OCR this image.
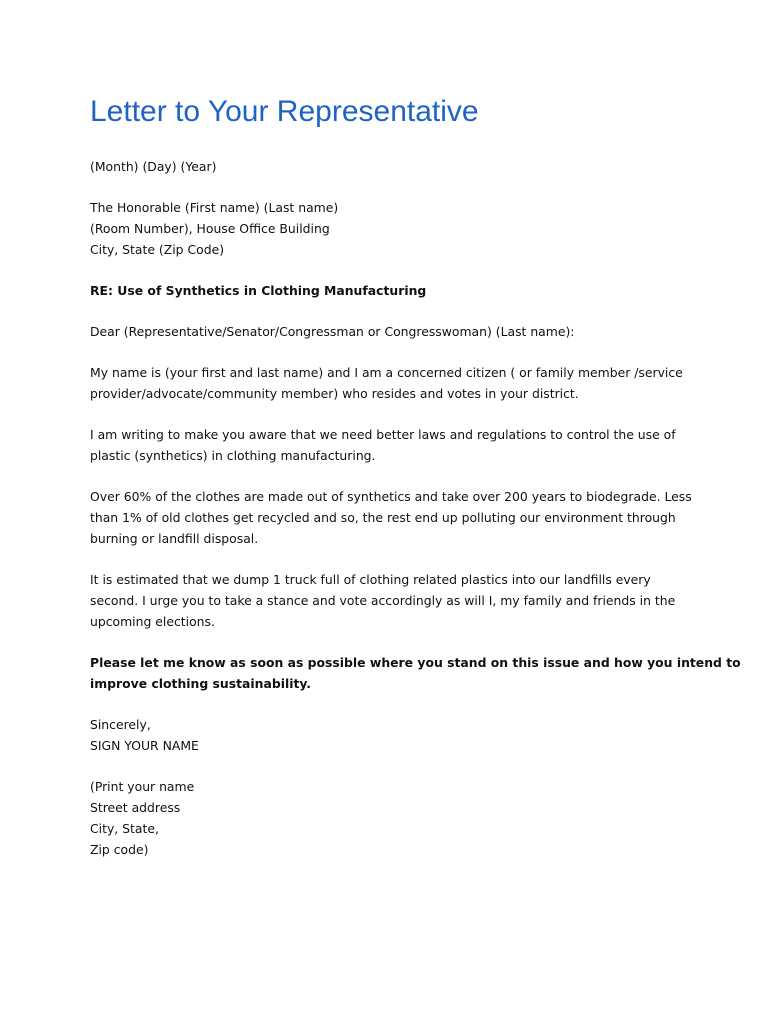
Letter to Your Representative

(Month) (Day) (Year)

The Honorable (First name) (Last name)
(Room Number), House Office Building
City, State (Zip Code)

RE: Use of Synthetics in Clothing Manufacturing

Dear (Representative/Senator/Congressman or Congresswoman) (Last name):

My name is (your first and last name) and I am a concerned citizen ( or family member /service
provider/advocate/community member) who resides and votes in your district.

I am writing to make you aware that we need better laws and regulations to control the use of
plastic (synthetics) in clothing manufacturing.

Over 60% of the clothes are made out of synthetics and take over 200 years to biodegrade. Less
than 1% of old clothes get recycled and so, the rest end up polluting our environment through
burning or landfill disposal.

It is estimated that we dump 1 truck full of clothing related plastics into our landfills every
second. I urge you to take a stance and vote accordingly as will I, my family and friends in the
upcoming elections.

Please let me know as soon as possible where you stand on this issue and how you intend to
improve clothing sustainability.

Sincerely,
SIGN YOUR NAME

(Print your name
Street address
City, State,
Zip code)
